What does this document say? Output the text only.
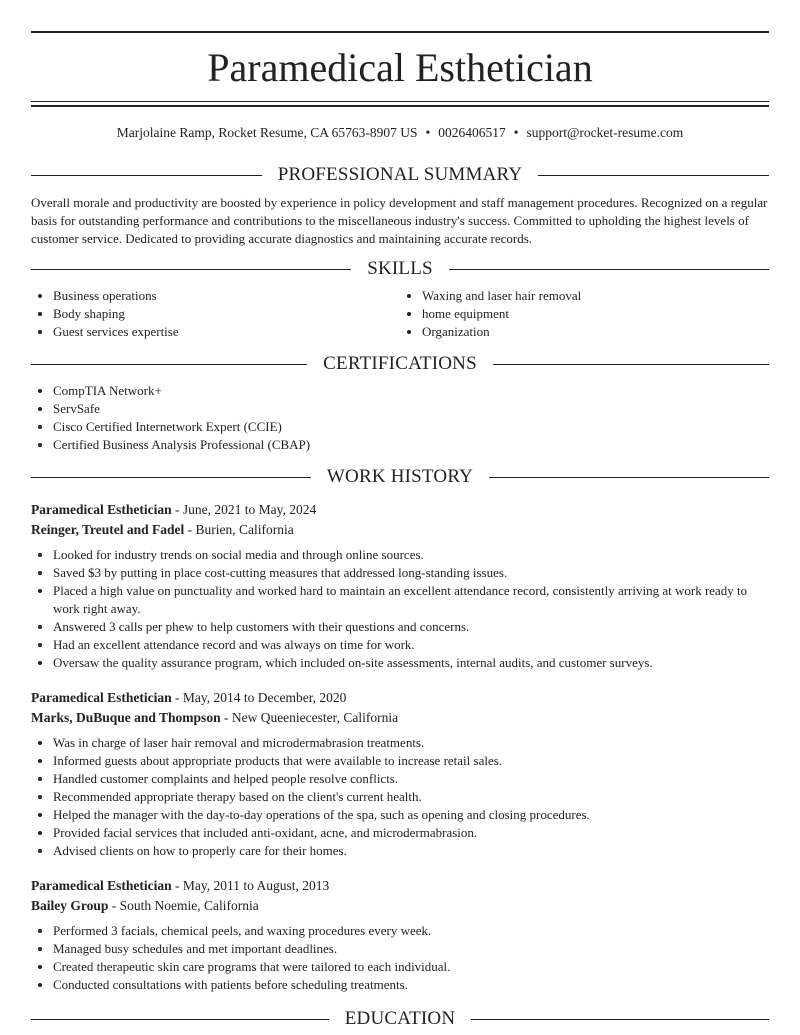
Paramedical Esthetician
Marjolaine Ramp, Rocket Resume, CA 65763-8907 US • 0026406517 • support@rocket-resume.com
PROFESSIONAL SUMMARY

Overall morale and productivity are boosted by experience in policy development and staff management procedures. Recognized on a regular basis for outstanding performance and contributions to the miscellaneous industry's success. Committed to upholding the highest levels of customer service. Dedicated to providing accurate diagnostics and maintaining accurate records.

SKILLS
• Business operations
• Body shaping
• Guest services expertise
• Waxing and laser hair removal
• home equipment
• Organization
CERTIFICATIONS
• CompTIA Network+
• ServSafe
• Cisco Certified Internetwork Expert (CCIE)
• Certified Business Analysis Professional (CBAP)
WORK HISTORY
Paramedical Esthetician - June, 2021 to May, 2024
Reinger, Treutel and Fadel - Burien, California
• Looked for industry trends on social media and through online sources.
• Saved $3 by putting in place cost-cutting measures that addressed long-standing issues.
• Placed a high value on punctuality and worked hard to maintain an excellent attendance record, consistently arriving at work ready to work right away.
• Answered 3 calls per phew to help customers with their questions and concerns.
• Had an excellent attendance record and was always on time for work.
• Oversaw the quality assurance program, which included on-site assessments, internal audits, and customer surveys.
Paramedical Esthetician - May, 2014 to December, 2020
Marks, DuBuque and Thompson - New Queeniecester, California
• Was in charge of laser hair removal and microdermabrasion treatments.
• Informed guests about appropriate products that were available to increase retail sales.
• Handled customer complaints and helped people resolve conflicts.
• Recommended appropriate therapy based on the client's current health.
• Helped the manager with the day-to-day operations of the spa, such as opening and closing procedures.
• Provided facial services that included anti-oxidant, acne, and microdermabrasion.
• Advised clients on how to properly care for their homes.
Paramedical Esthetician - May, 2011 to August, 2013
Bailey Group - South Noemie, California
• Performed 3 facials, chemical peels, and waxing procedures every week.
• Managed busy schedules and met important deadlines.
• Created therapeutic skin care programs that were tailored to each individual.
• Conducted consultations with patients before scheduling treatments.
EDUCATION
